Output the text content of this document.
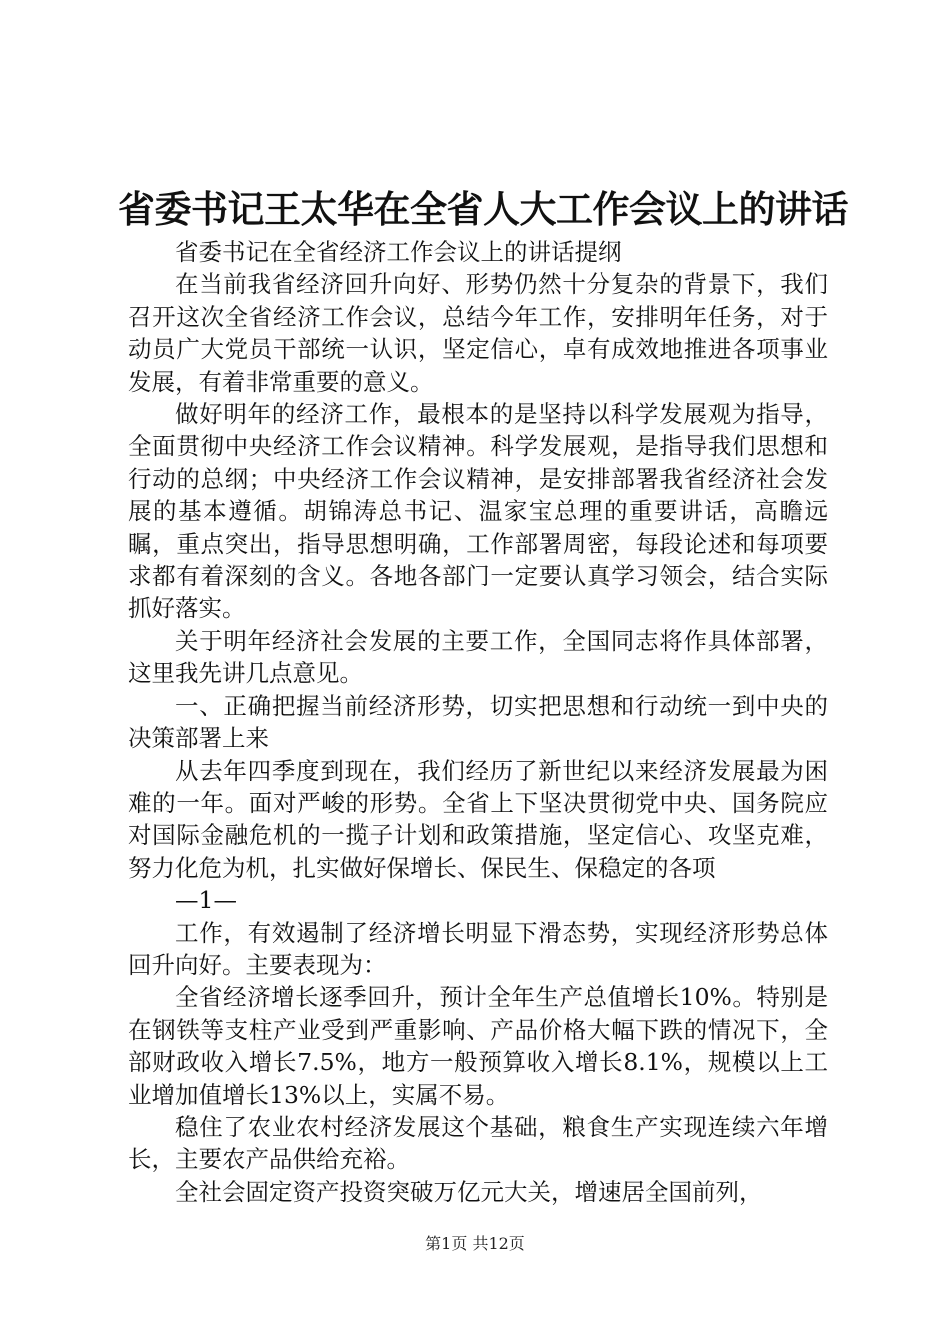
省委书记王太华在全省人大工作会议上的讲话

省委书记在全省经济工作会议上的讲话提纲

在当前我省经济回升向好、形势仍然十分复杂的背景下，我们召开这次全省经济工作会议，总结今年工作，安排明年任务，对于动员广大党员干部统一认识，坚定信心，卓有成效地推进各项事业发展，有着非常重要的意义。

做好明年的经济工作，最根本的是坚持以科学发展观为指导，全面贯彻中央经济工作会议精神。科学发展观，是指导我们思想和行动的总纲；中央经济工作会议精神，是安排部署我省经济社会发展的基本遵循。胡锦涛总书记、温家宝总理的重要讲话，高瞻远瞩，重点突出，指导思想明确，工作部署周密，每段论述和每项要求都有着深刻的含义。各地各部门一定要认真学习领会，结合实际抓好落实。

关于明年经济社会发展的主要工作，全国同志将作具体部署，这里我先讲几点意见。

一、正确把握当前经济形势，切实把思想和行动统一到中央的决策部署上来

从去年四季度到现在，我们经历了新世纪以来经济发展最为困难的一年。面对严峻的形势。全省上下坚决贯彻党中央、国务院应对国际金融危机的一揽子计划和政策措施，坚定信心、攻坚克难，努力化危为机，扎实做好保增长、保民生、保稳定的各项

—1—

工作，有效遏制了经济增长明显下滑态势，实现经济形势总体回升向好。主要表现为：

全省经济增长逐季回升，预计全年生产总值增长10%。特别是在钢铁等支柱产业受到严重影响、产品价格大幅下跌的情况下，全部财政收入增长7.5%，地方一般预算收入增长8.1%，规模以上工业增加值增长13%以上，实属不易。

稳住了农业农村经济发展这个基础，粮食生产实现连续六年增长，主要农产品供给充裕。

全社会固定资产投资突破万亿元大关，增速居全国前列，

第1页 共12页
